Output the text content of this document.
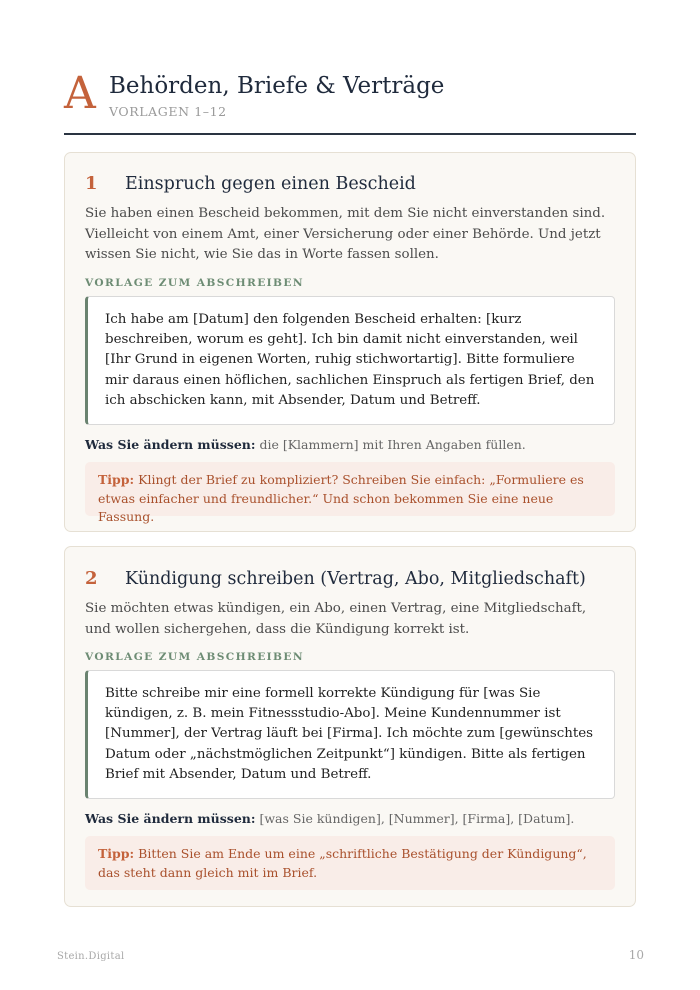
A Behörden, Briefe & Verträge
VORLAGEN 1–12
1 Einspruch gegen einen Bescheid
Sie haben einen Bescheid bekommen, mit dem Sie nicht einverstanden sind. Vielleicht von einem Amt, einer Versicherung oder einer Behörde. Und jetzt wissen Sie nicht, wie Sie das in Worte fassen sollen.
VORLAGE ZUM ABSCHREIBEN
Ich habe am [Datum] den folgenden Bescheid erhalten: [kurz beschreiben, worum es geht]. Ich bin damit nicht einverstanden, weil [Ihr Grund in eigenen Worten, ruhig stichwortartig]. Bitte formuliere mir daraus einen höflichen, sachlichen Einspruch als fertigen Brief, den ich abschicken kann, mit Absender, Datum und Betreff.
Was Sie ändern müssen: die [Klammern] mit Ihren Angaben füllen.
Tipp: Klingt der Brief zu kompliziert? Schreiben Sie einfach: „Formuliere es etwas einfacher und freundlicher.“ Und schon bekommen Sie eine neue Fassung.
2 Kündigung schreiben (Vertrag, Abo, Mitgliedschaft)
Sie möchten etwas kündigen, ein Abo, einen Vertrag, eine Mitgliedschaft, und wollen sichergehen, dass die Kündigung korrekt ist.
VORLAGE ZUM ABSCHREIBEN
Bitte schreibe mir eine formell korrekte Kündigung für [was Sie kündigen, z. B. mein Fitnessstudio-Abo]. Meine Kundennummer ist [Nummer], der Vertrag läuft bei [Firma]. Ich möchte zum [gewünschtes Datum oder „nächstmöglichen Zeitpunkt“] kündigen. Bitte als fertigen Brief mit Absender, Datum und Betreff.
Was Sie ändern müssen: [was Sie kündigen], [Nummer], [Firma], [Datum].
Tipp: Bitten Sie am Ende um eine „schriftliche Bestätigung der Kündigung“, das steht dann gleich mit im Brief.
Stein.Digital	10
